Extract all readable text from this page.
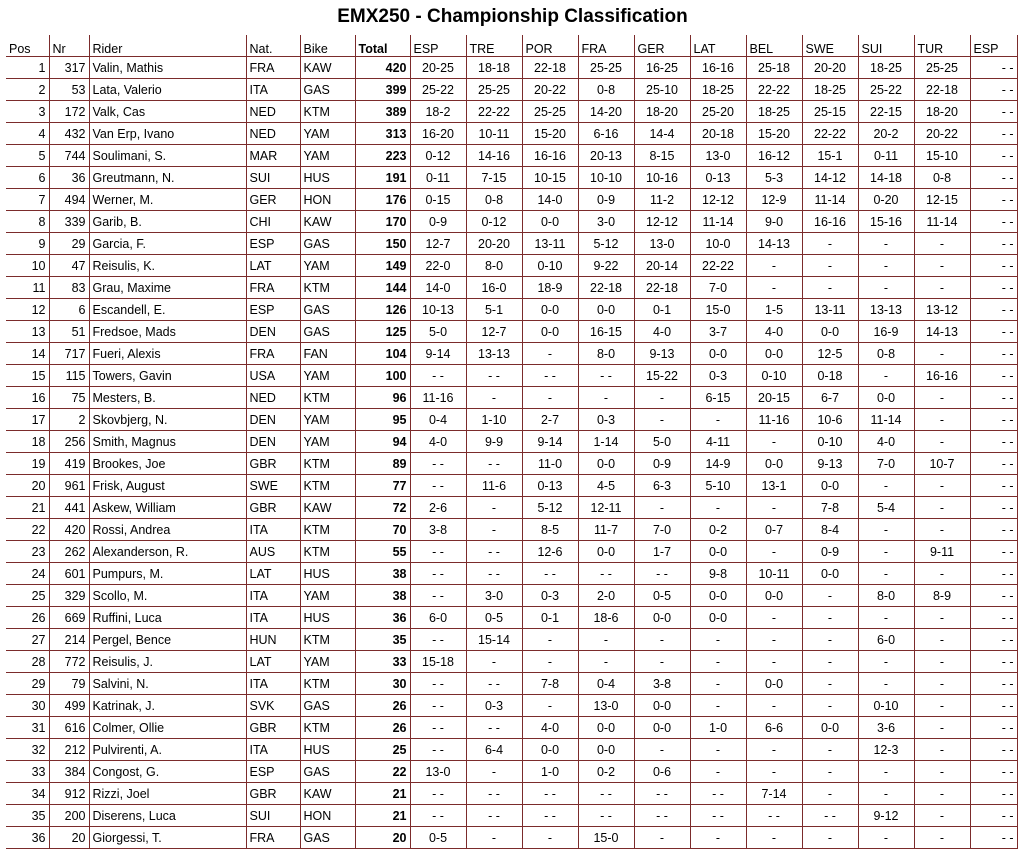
EMX250 - Championship Classification
Pos	Nr	Rider	Nat.	Bike	Total	ESP	TRE	POR	FRA	GER	LAT	BEL	SWE	SUI	TUR	ESP
1	317	Valin, Mathis	FRA	KAW	420	20-25	18-18	22-18	25-25	16-25	16-16	25-18	20-20	18-25	25-25	- -
2	53	Lata, Valerio	ITA	GAS	399	25-22	25-25	20-22	0-8	25-10	18-25	22-22	18-25	25-22	22-18	- -
3	172	Valk, Cas	NED	KTM	389	18-2	22-22	25-25	14-20	18-20	25-20	18-25	25-15	22-15	18-20	- -
4	432	Van Erp, Ivano	NED	YAM	313	16-20	10-11	15-20	6-16	14-4	20-18	15-20	22-22	20-2	20-22	- -
5	744	Soulimani, S.	MAR	YAM	223	0-12	14-16	16-16	20-13	8-15	13-0	16-12	15-1	0-11	15-10	- -
6	36	Greutmann, N.	SUI	HUS	191	0-11	7-15	10-15	10-10	10-16	0-13	5-3	14-12	14-18	0-8	- -
7	494	Werner, M.	GER	HON	176	0-15	0-8	14-0	0-9	11-2	12-12	12-9	11-14	0-20	12-15	- -
8	339	Garib, B.	CHI	KAW	170	0-9	0-12	0-0	3-0	12-12	11-14	9-0	16-16	15-16	11-14	- -
9	29	Garcia, F.	ESP	GAS	150	12-7	20-20	13-11	5-12	13-0	10-0	14-13	-	-	-	- -
10	47	Reisulis, K.	LAT	YAM	149	22-0	8-0	0-10	9-22	20-14	22-22	-	-	-	-	- -
11	83	Grau, Maxime	FRA	KTM	144	14-0	16-0	18-9	22-18	22-18	7-0	-	-	-	-	- -
12	6	Escandell, E.	ESP	GAS	126	10-13	5-1	0-0	0-0	0-1	15-0	1-5	13-11	13-13	13-12	- -
13	51	Fredsoe, Mads	DEN	GAS	125	5-0	12-7	0-0	16-15	4-0	3-7	4-0	0-0	16-9	14-13	- -
14	717	Fueri, Alexis	FRA	FAN	104	9-14	13-13	-	8-0	9-13	0-0	0-0	12-5	0-8	-	- -
15	115	Towers, Gavin	USA	YAM	100	- -	- -	- -	- -	15-22	0-3	0-10	0-18	-	16-16	- -
16	75	Mesters, B.	NED	KTM	96	11-16	-	-	-	-	6-15	20-15	6-7	0-0	-	- -
17	2	Skovbjerg, N.	DEN	YAM	95	0-4	1-10	2-7	0-3	-	-	11-16	10-6	11-14	-	- -
18	256	Smith, Magnus	DEN	YAM	94	4-0	9-9	9-14	1-14	5-0	4-11	-	0-10	4-0	-	- -
19	419	Brookes, Joe	GBR	KTM	89	- -	- -	11-0	0-0	0-9	14-9	0-0	9-13	7-0	10-7	- -
20	961	Frisk, August	SWE	KTM	77	- -	11-6	0-13	4-5	6-3	5-10	13-1	0-0	-	-	- -
21	441	Askew, William	GBR	KAW	72	2-6	-	5-12	12-11	-	-	-	7-8	5-4	-	- -
22	420	Rossi, Andrea	ITA	KTM	70	3-8	-	8-5	11-7	7-0	0-2	0-7	8-4	-	-	- -
23	262	Alexanderson, R.	AUS	KTM	55	- -	- -	12-6	0-0	1-7	0-0	-	0-9	-	9-11	- -
24	601	Pumpurs, M.	LAT	HUS	38	- -	- -	- -	- -	- -	9-8	10-11	0-0	-	-	- -
25	329	Scollo, M.	ITA	YAM	38	- -	3-0	0-3	2-0	0-5	0-0	0-0	-	8-0	8-9	- -
26	669	Ruffini, Luca	ITA	HUS	36	6-0	0-5	0-1	18-6	0-0	0-0	-	-	-	-	- -
27	214	Pergel, Bence	HUN	KTM	35	- -	15-14	-	-	-	-	-	-	6-0	-	- -
28	772	Reisulis, J.	LAT	YAM	33	15-18	-	-	-	-	-	-	-	-	-	- -
29	79	Salvini, N.	ITA	KTM	30	- -	- -	7-8	0-4	3-8	-	0-0	-	-	-	- -
30	499	Katrinak, J.	SVK	GAS	26	- -	0-3	-	13-0	0-0	-	-	-	0-10	-	- -
31	616	Colmer, Ollie	GBR	KTM	26	- -	- -	4-0	0-0	0-0	1-0	6-6	0-0	3-6	-	- -
32	212	Pulvirenti, A.	ITA	HUS	25	- -	6-4	0-0	0-0	-	-	-	-	12-3	-	- -
33	384	Congost, G.	ESP	GAS	22	13-0	-	1-0	0-2	0-6	-	-	-	-	-	- -
34	912	Rizzi, Joel	GBR	KAW	21	- -	- -	- -	- -	- -	- -	7-14	-	-	-	- -
35	200	Diserens, Luca	SUI	HON	21	- -	- -	- -	- -	- -	- -	- -	- -	9-12	-	- -
36	20	Giorgessi, T.	FRA	GAS	20	0-5	-	-	15-0	-	-	-	-	-	-	- -
